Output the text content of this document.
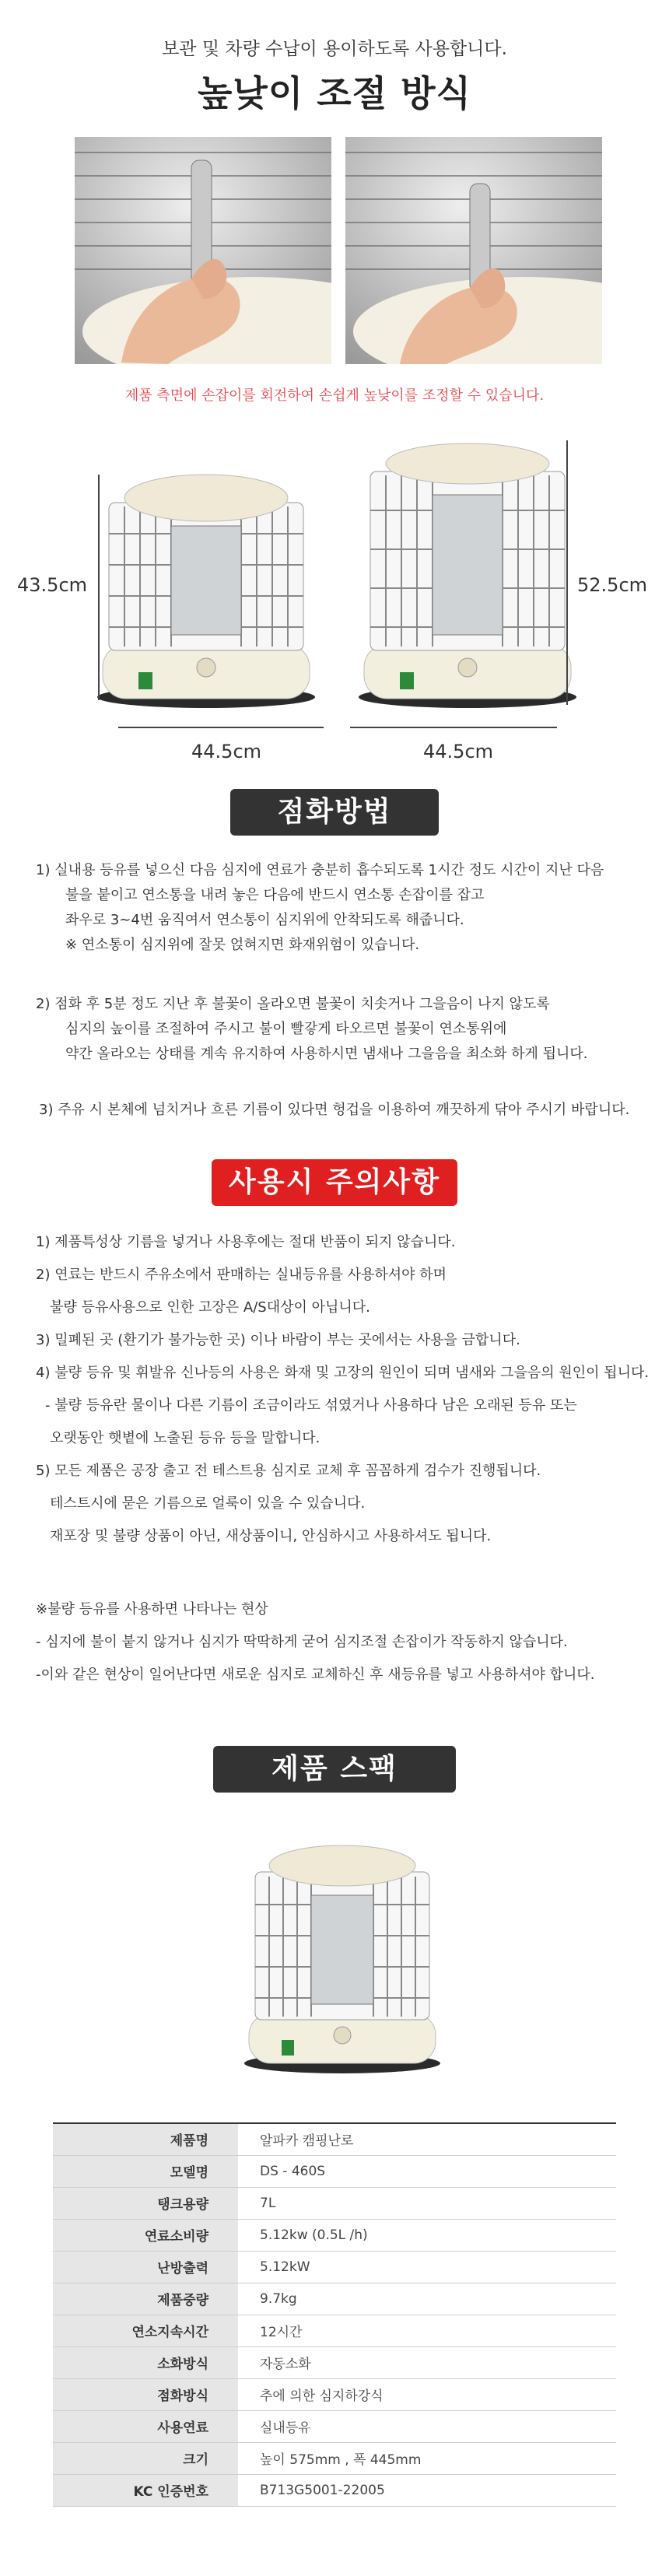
보관 및 차량 수납이 용이하도록 사용합니다.
높낮이 조절 방식
제품 측면에 손잡이를 회전하여 손쉽게 높낮이를 조정할 수 있습니다.
43.5cm	52.5cm
44.5cm	44.5cm
점화방법
1) 실내용 등유를 넣으신 다음 심지에 연료가 충분히 흡수되도록 1시간 정도 시간이 지난 다음
불을 붙이고 연소통을 내려 놓은 다음에 반드시 연소통 손잡이를 잡고
좌우로 3~4번 움직여서 연소통이 심지위에 안착되도록 해줍니다.
※ 연소통이 심지위에 잘못 얹혀지면 화재위험이 있습니다.
2) 점화 후 5분 정도 지난 후 불꽃이 올라오면 불꽃이 치솟거나 그을음이 나지 않도록
심지의 높이를 조절하여 주시고 불이 빨갛게 타오르면 불꽃이 연소통위에
약간 올라오는 상태를 계속 유지하여 사용하시면 냄새나 그을음을 최소화 하게 됩니다.
3) 주유 시 본체에 넘치거나 흐른 기름이 있다면 헝겁을 이용하여 깨끗하게 닦아 주시기 바랍니다.
사용시 주의사항
1) 제품특성상 기름을 넣거나 사용후에는 절대 반품이 되지 않습니다.
2) 연료는 반드시 주유소에서 판매하는 실내등유를 사용하셔야 하며
불량 등유사용으로 인한 고장은 A/S대상이 아닙니다.
3) 밀폐된 곳 (환기가 불가능한 곳) 이나 바람이 부는 곳에서는 사용을 금합니다.
4) 불량 등유 및 휘발유 신나등의 사용은 화재 및 고장의 원인이 되며 냄새와 그을음의 원인이 됩니다.
- 불량 등유란 물이나 다른 기름이 조금이라도 섞였거나 사용하다 남은 오래된 등유 또는
오랫동안 햇볕에 노출된 등유 등을 말합니다.
5) 모든 제품은 공장 출고 전 테스트용 심지로 교체 후 꼼꼼하게 검수가 진행됩니다.
테스트시에 묻은 기름으로 얼룩이 있을 수 있습니다.
재포장 및 불량 상품이 아닌, 새상품이니, 안심하시고 사용하셔도 됩니다.
※불량 등유를 사용하면 나타나는 현상
- 심지에 불이 붙지 않거나 심지가 딱딱하게 굳어 심지조절 손잡이가 작동하지 않습니다.
-이와 같은 현상이 일어난다면 새로운 심지로 교체하신 후 새등유를 넣고 사용하셔야 합니다.
제품 스팩
제품명	알파카 캠핑난로
모델명	DS - 460S
탱크용량	7L
연료소비량	5.12kw (0.5L /h)
난방출력	5.12kW
제품중량	9.7kg
연소지속시간	12시간
소화방식	자동소화
점화방식	추에 의한 심지하강식
사용연료	실내등유
크기	높이 575mm , 폭 445mm
KC 인증번호	B713G5001-22005
